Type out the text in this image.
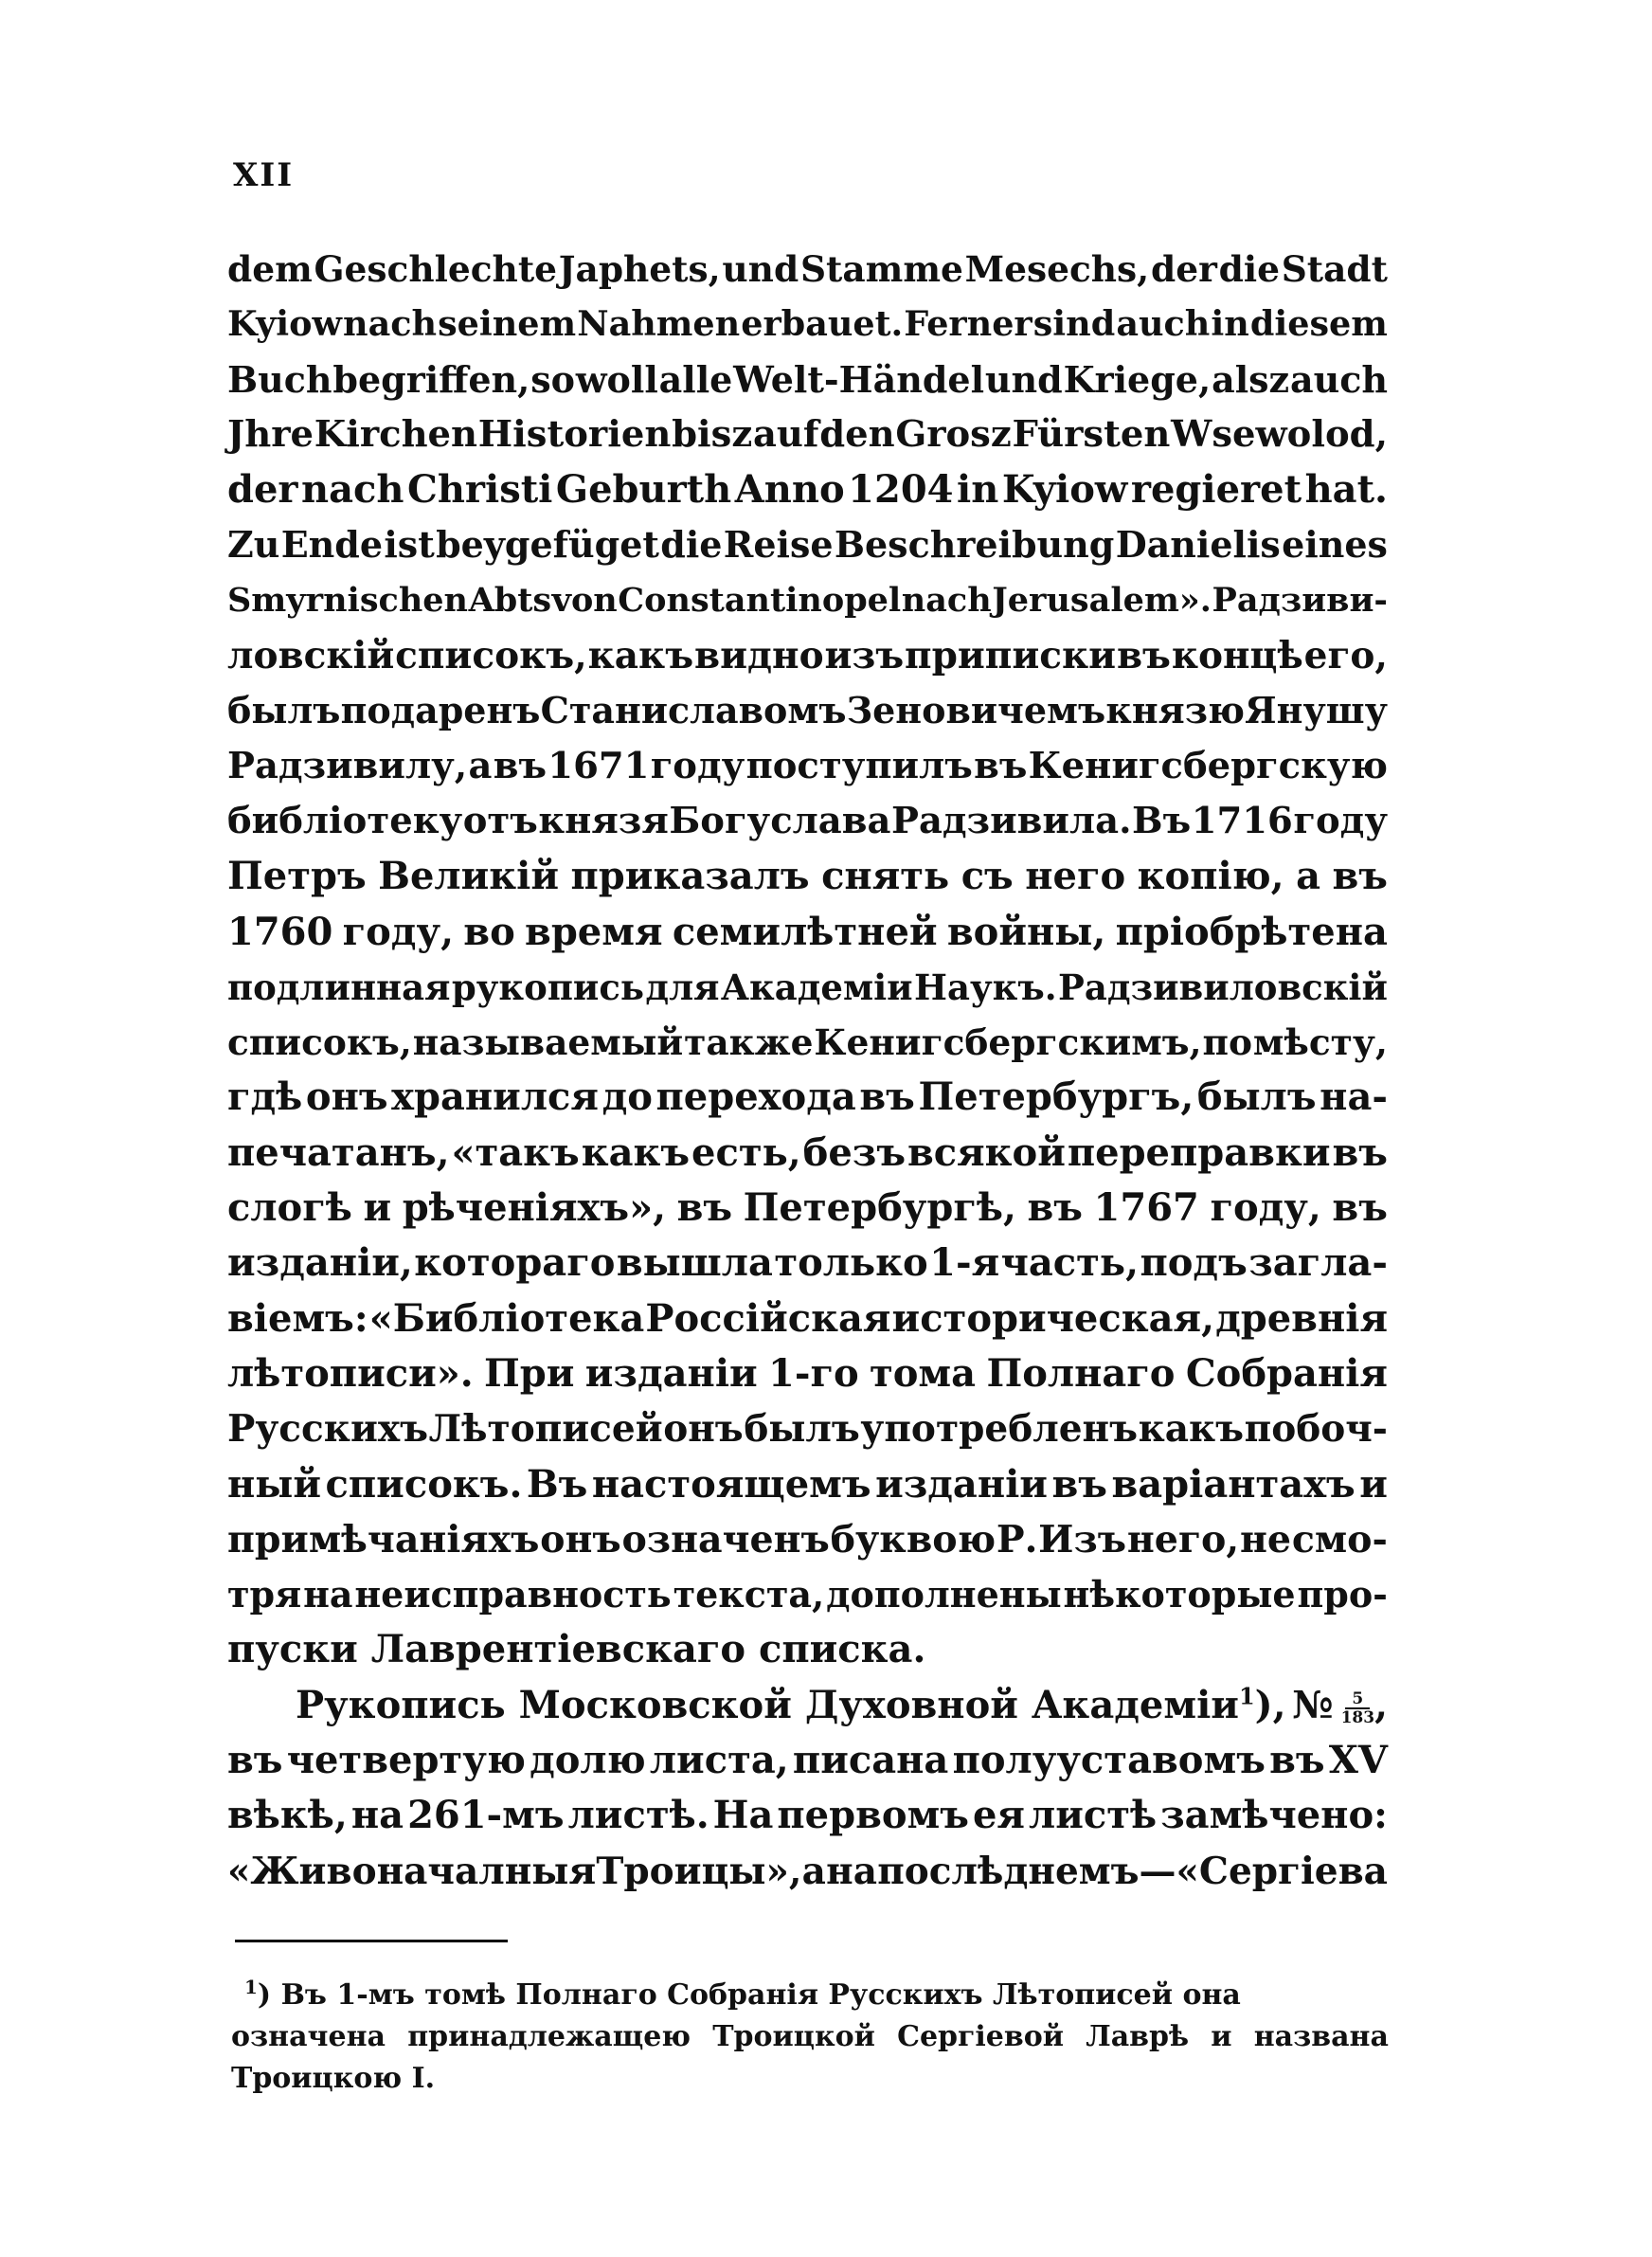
XII
dem Geschlechte Japhets, und Stamme Mesechs, der die Stadt
Kyiow nach seinem Nahmen erbauet. Ferner sind auch in diesem
Buch begriffen, so woll alle Welt-Händel und Kriege, alsz auch
Jhre Kirchen Historien bisz auf den Grosz Fürsten Wsewolod,
der nach Christi Geburth Anno 1204 in Kyiow regieret hat.
Zu Ende ist beygefüget die Reise Beschreibung Danielis eines
Smyrnischen Abts von Constantinopel nach Jerusalem». Радзиви-
ловскій списокъ, какъ видно изъ приписки въ концѣ его,
былъ подаренъ Станиславомъ Зеновичемъ князю Янушу
Радзивилу, а въ 1671 году поступилъ въ Кенигсбергскую
библіотеку отъ князя Богуслава Радзивила. Въ 1716 году
Петръ Великій приказалъ снять съ него копію, а въ
1760 году, во время семилѣтней войны, пріобрѣтена
подлинная рукопись для Академіи Наукъ. Радзивиловскій
списокъ, называемый также Кенигсбергскимъ, по мѣсту,
гдѣ онъ хранился до перехода въ Петербургъ, былъ на-
печатанъ, «такъ какъ есть, безъ всякой переправки въ
слогѣ и рѣченіяхъ», въ Петербургѣ, въ 1767 году, въ
изданіи, котораго вышла только 1-я часть, подъ загла-
віемъ: «Библіотека Россійская историческая, древнія
лѣтописи». При изданіи 1-го тома Полнаго Собранія
Русскихъ Лѣтописей онъ былъ употребленъ какъ побоч-
ный списокъ. Въ настоящемъ изданіи въ варіантахъ и
примѣчаніяхъ онъ означенъ буквою Р. Изъ него, не смо-
тря на неисправность текста, дополнены нѣкоторые про-
пуски Лаврентіевскаго списка.
Рукопись Московской Духовной Академіи$^1$), № $\frac{5}{183}$ ,
въ четвертую долю листа, писана полууставомъ въ XV
вѣкѣ, на 261-мъ листѣ. На первомъ ея листѣ замѣчено:
«Живоначалныя Троицы», а на послѣднемъ—«Сергіева
$^1$) Въ 1-мъ томѣ Полнаго Собранія Русскихъ Лѣтописей она
означена принадлежащею Троицкой Сергіевой Лаврѣ и названа
Троицкою I.
